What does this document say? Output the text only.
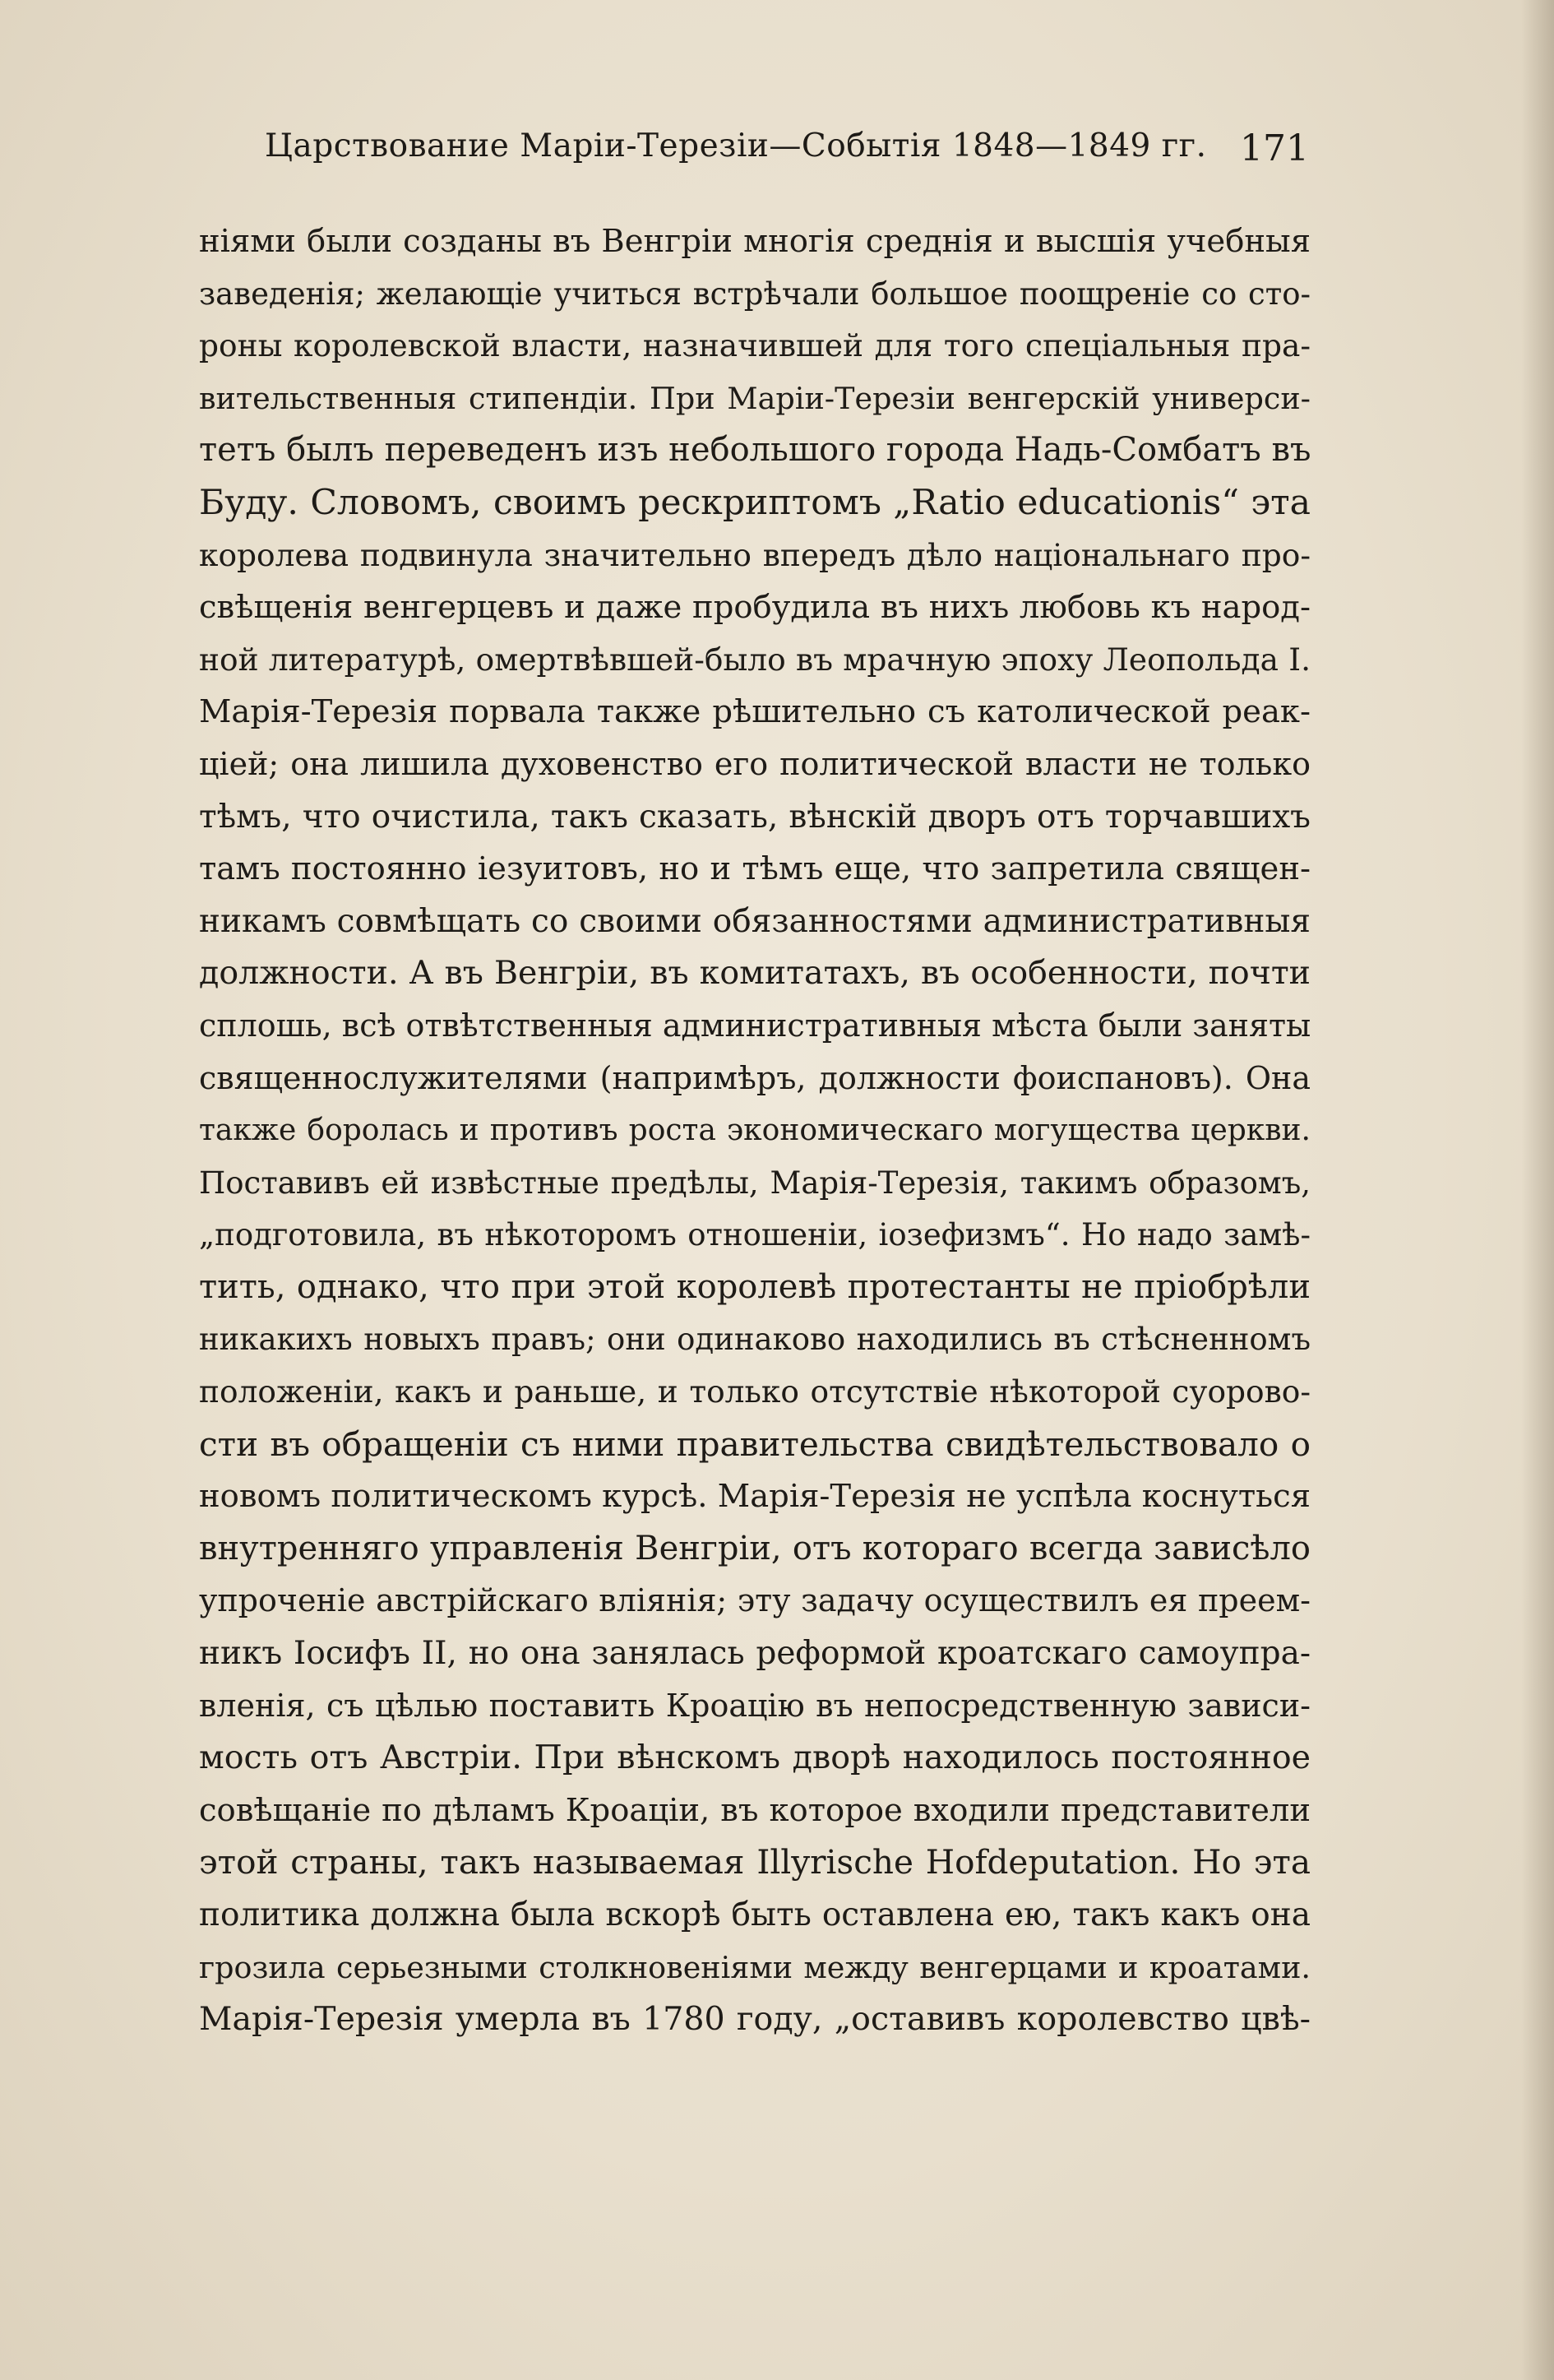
Царствование Маріи-Терезіи—Событія 1848—1849 гг. 171
ніями были созданы въ Венгріи многія среднія и высшія учебныя
заведенія; желающіе учиться встрѣчали большое поощреніе со сто-
роны королевской власти, назначившей для того спеціальныя пра-
вительственныя стипендіи. При Маріи-Терезіи венгерскій универси-
тетъ былъ переведенъ изъ небольшого города Надь-Сомбатъ въ
Буду. Словомъ, своимъ рескриптомъ „Ratio educationis“ эта
королева подвинула значительно впередъ дѣло національнаго про-
свѣщенія венгерцевъ и даже пробудила въ нихъ любовь къ народ-
ной литературѣ, омертвѣвшей-было въ мрачную эпоху Леопольда I.
Марія-Терезія порвала также рѣшительно съ католической реак-
ціей; она лишила духовенство его политической власти не только
тѣмъ, что очистила, такъ сказать, вѣнскій дворъ отъ торчавшихъ
тамъ постоянно іезуитовъ, но и тѣмъ еще, что запретила священ-
никамъ совмѣщать со своими обязанностями административныя
должности. А въ Венгріи, въ комитатахъ, въ особенности, почти
сплошь, всѣ отвѣтственныя административныя мѣста были заняты
священнослужителями (напримѣръ, должности фоиспановъ). Она
также боролась и противъ роста экономическаго могущества церкви.
Поставивъ ей извѣстные предѣлы, Марія-Терезія, такимъ образомъ,
„подготовила, въ нѣкоторомъ отношеніи, іозефизмъ“. Но надо замѣ-
тить, однако, что при этой королевѣ протестанты не пріобрѣли
никакихъ новыхъ правъ; они одинаково находились въ стѣсненномъ
положеніи, какъ и раньше, и только отсутствіе нѣкоторой суорово-
сти въ обращеніи съ ними правительства свидѣтельствовало о
новомъ политическомъ курсѣ. Марія-Терезія не успѣла коснуться
внутренняго управленія Венгріи, отъ котораго всегда зависѣло
упроченіе австрійскаго вліянія; эту задачу осуществилъ ея преем-
никъ Іосифъ II, но она занялась реформой кроатскаго самоупра-
вленія, съ цѣлью поставить Кроацію въ непосредственную зависи-
мость отъ Австріи. При вѣнскомъ дворѣ находилось постоянное
совѣщаніе по дѣламъ Кроаціи, въ которое входили представители
этой страны, такъ называемая Illyrische Hofdeputation. Но эта
политика должна была вскорѣ быть оставлена ею, такъ какъ она
грозила серьезными столкновеніями между венгерцами и кроатами.
Марія-Терезія умерла въ 1780 году, „оставивъ королевство цвѣ-
